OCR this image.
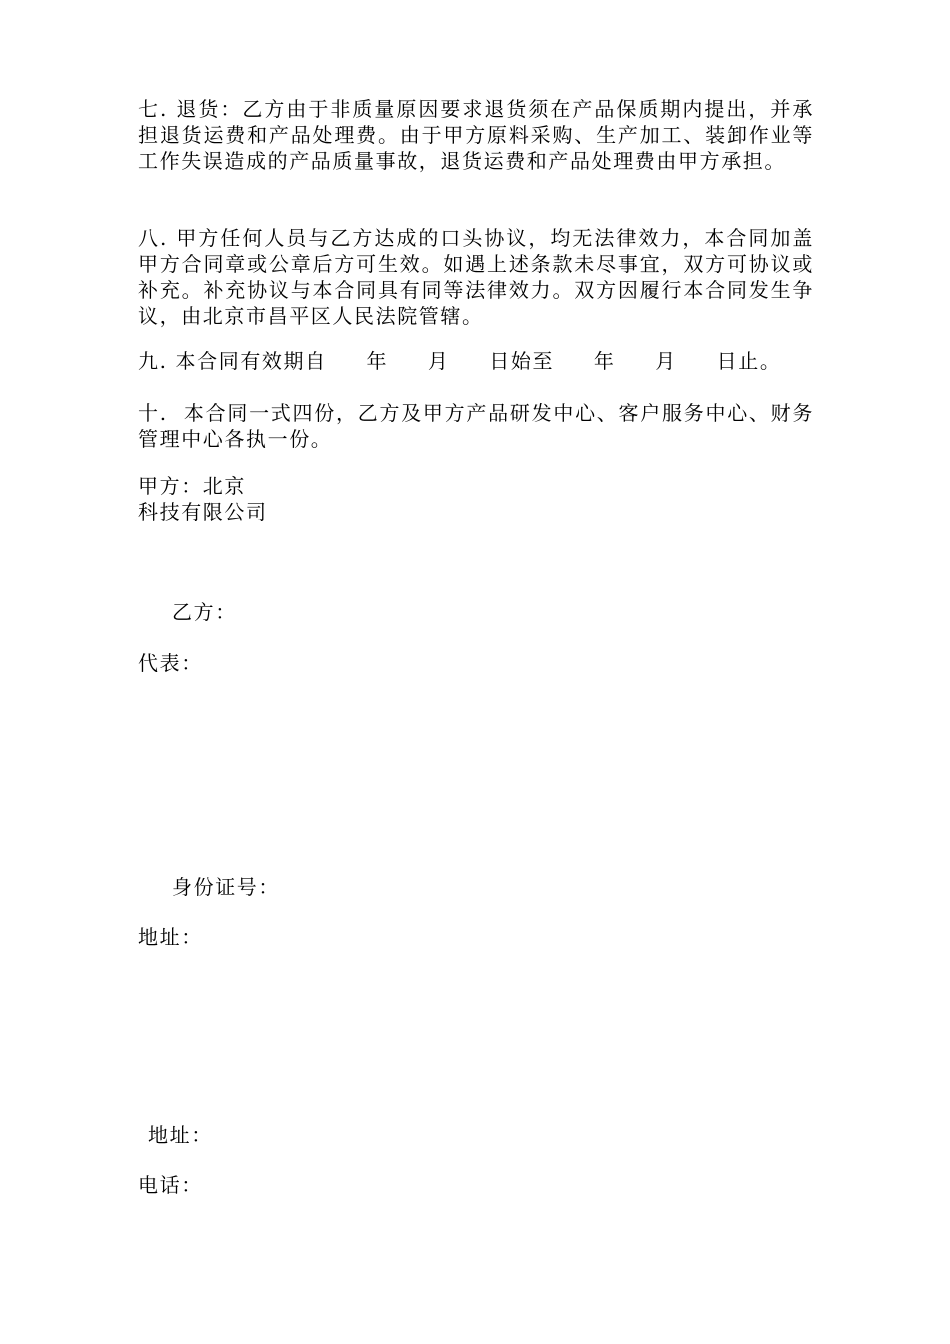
七. 退货：乙方由于非质量原因要求退货须在产品保质期内提出，并承担退货运费和产品处理费。由于甲方原料采购、生产加工、装卸作业等工作失误造成的产品质量事故，退货运费和产品处理费由甲方承担。

八. 甲方任何人员与乙方达成的口头协议，均无法律效力，本合同加盖甲方合同章或公章后方可生效。如遇上述条款未尽事宜，双方可协议或补充。补充协议与本合同具有同等法律效力。双方因履行本合同发生争议，由北京市昌平区人民法院管辖。

九. 本合同有效期自     年     月     日始至     年     月     日止。

十.  本合同一式四份，乙方及甲方产品研发中心、客户服务中心、财务管理中心各执一份。

甲方：北京

科技有限公司

乙方：

代表：

身份证号：

地址：

地址：

电话：
